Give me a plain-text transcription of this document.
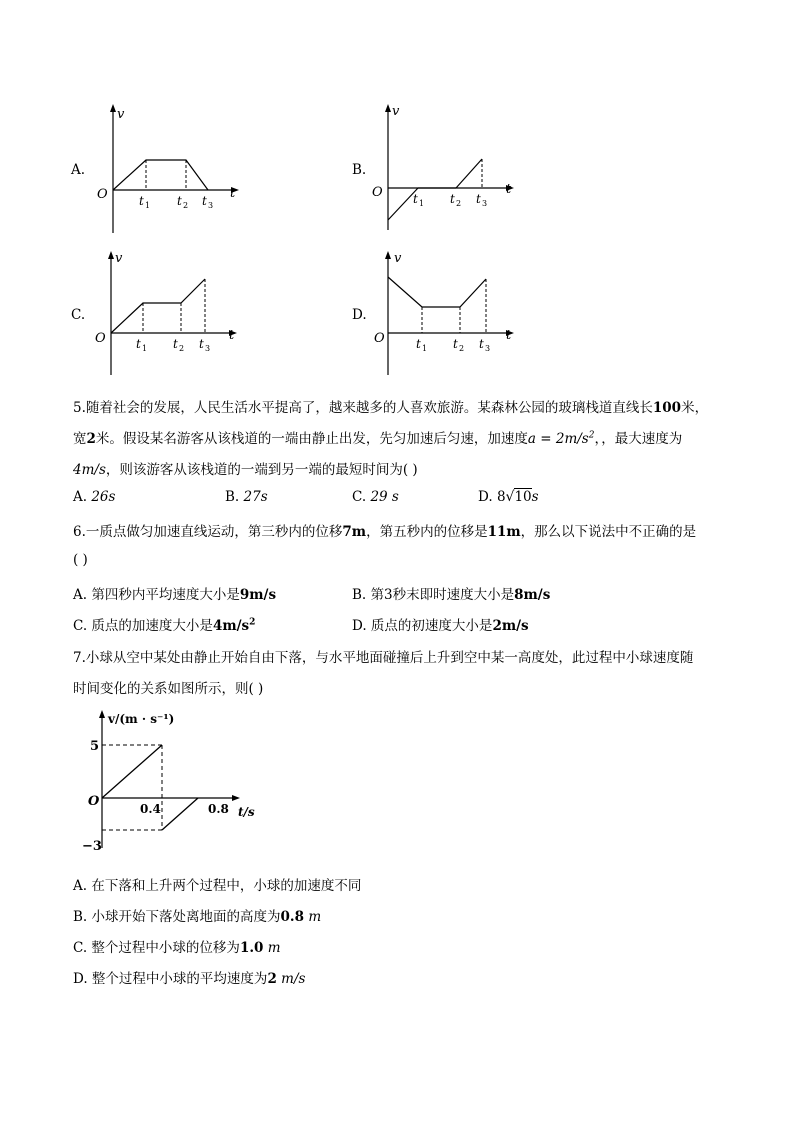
A.
v
t
O	t 1 t 2 t 3
B.
v
t
O	t 1 t 2 t 3
C.
v
t
O	t 1 t 2 t 3
D.
v
t
O	t 1 t 2 t 3
5.随着社会的发展，人民生活水平提高了，越来越多的人喜欢旅游。某森林公园的玻璃栈道直线长100米，
宽2米。假设某名游客从该栈道的一端由静止出发，先匀加速后匀速，加速度$a = 2m/s^2$，，最大速度为
4m/s，则该游客从该栈道的一端到另一端的最短时间为( )
A. 26s	B. 27s	C. 29 s	D. 8√10s
6.一质点做匀加速直线运动，第三秒内的位移7m，第五秒内的位移是11m，那么以下说法中不正确的是
( )
A. 第四秒内平均速度大小是9m/s	B. 第3秒末即时速度大小是8m/s
C. 质点的加速度大小是$4m/s^2$	D. 质点的初速度大小是2m/s
7.小球从空中某处由静止开始自由下落，与水平地面碰撞后上升到空中某一高度处，此过程中小球速度随
时间变化的关系如图所示，则( )
v/(m · s⁻¹)
t/s
O
5
−3
0.4	0.8
A. 在下落和上升两个过程中，小球的加速度不同
B. 小球开始下落处离地面的高度为0.8 m
C. 整个过程中小球的位移为1.0 m
D. 整个过程中小球的平均速度为2 m/s
